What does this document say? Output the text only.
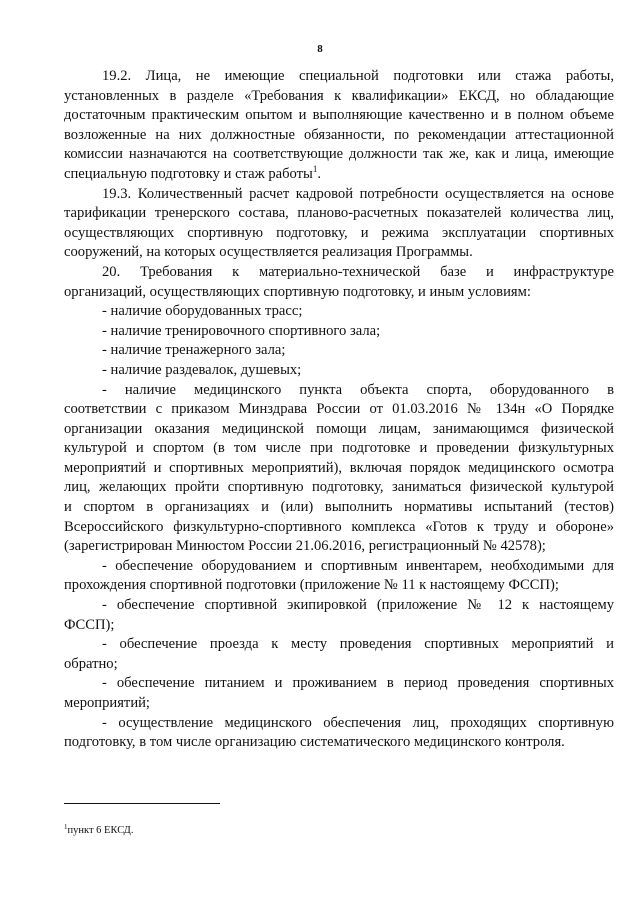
8
19.2. Лица, не имеющие специальной подготовки или стажа работы,
установленных в разделе «Требования к квалификации» ЕКСД, но обладающие
достаточным практическим опытом и выполняющие качественно и в полном объеме
возложенные на них должностные обязанности, по рекомендации аттестационной
комиссии назначаются на соответствующие должности так же, как и лица, имеющие
специальную подготовку и стаж работы$^1$.
19.3. Количественный расчет кадровой потребности осуществляется на основе
тарификации тренерского состава, планово-расчетных показателей количества лиц,
осуществляющих спортивную подготовку, и режима эксплуатации спортивных
сооружений, на которых осуществляется реализация Программы.
20. Требования к материально-технической базе и инфраструктуре
организаций, осуществляющих спортивную подготовку, и иным условиям:
- наличие оборудованных трасс;
- наличие тренировочного спортивного зала;
- наличие тренажерного зала;
- наличие раздевалок, душевых;
- наличие медицинского пункта объекта спорта, оборудованного в
соответствии с приказом Минздрава России от 01.03.2016 № 134н «О Порядке
организации оказания медицинской помощи лицам, занимающимся физической
культурой и спортом (в том числе при подготовке и проведении физкультурных
мероприятий и спортивных мероприятий), включая порядок медицинского осмотра
лиц, желающих пройти спортивную подготовку, заниматься физической культурой
и спортом в организациях и (или) выполнить нормативы испытаний (тестов)
Всероссийского физкультурно-спортивного комплекса «Готов к труду и обороне»
(зарегистрирован Минюстом России 21.06.2016, регистрационный № 42578);
- обеспечение оборудованием и спортивным инвентарем, необходимыми для
прохождения спортивной подготовки (приложение № 11 к настоящему ФССП);
- обеспечение спортивной экипировкой (приложение № 12 к настоящему
ФССП);
- обеспечение проезда к месту проведения спортивных мероприятий и
обратно;
- обеспечение питанием и проживанием в период проведения спортивных
мероприятий;
- осуществление медицинского обеспечения лиц, проходящих спортивную
подготовку, в том числе организацию систематического медицинского контроля.
$^1$пункт 6 ЕКСД.
